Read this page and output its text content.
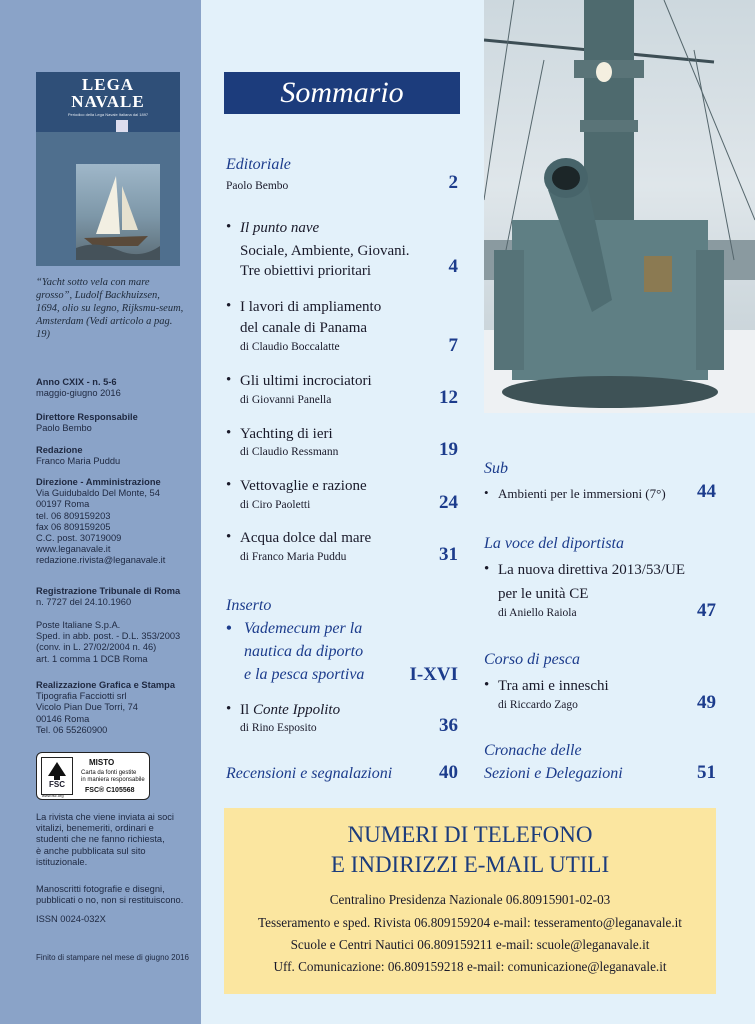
LEGA
NAVALE
Periodico della Lega Navale Italiana dal 1897
“Yacht sotto vela con mare grosso”, Ludolf Backhuizsen, 1694, olio su legno, Rijksmu-seum, Amsterdam (Vedi articolo a pag. 19)
Anno CXIX - n. 5-6
maggio-giugno 2016
Direttore Responsabile
Paolo Bembo
Redazione
Franco Maria Puddu
Direzione - Amministrazione
Via Guidubaldo Del Monte, 54
00197 Roma
tel. 06 809159203
fax 06 809159205
C.C. post. 30719009
www.leganavale.it
redazione.rivista@leganavale.it
Registrazione Tribunale di Roma
n. 7727 del 24.10.1960
Poste Italiane S.p.A.
Sped. in abb. post. - D.L. 353/2003
(conv. in L. 27/02/2004 n. 46)
art. 1 comma 1 DCB Roma
Realizzazione Grafica e Stampa
Tipografia Facciotti srl
Vicolo Pian Due Torri, 74
00146 Roma
Tel. 06 55260900
FSC
MISTO
Carta da fonti gestite
in maniera responsabile
FSC® C105568
www.fsc.org
La rivista che viene inviata ai soci
vitalizi, benemeriti, ordinari e
studenti che ne fanno richiesta,
è anche pubblicata sul sito
istituzionale.
Manoscritti fotografie e disegni,
pubblicati o no, non si restituiscono.
ISSN 0024-032X
Finito di stampare nel mese di giugno 2016
Sommario
Editoriale
Paolo Bembo	2
• Il punto nave
Sociale, Ambiente, Giovani.
Tre obiettivi prioritari	4
• I lavori di ampliamento
del canale di Panama
di Claudio Boccalatte	7
• Gli ultimi incrociatori
di Giovanni Panella	12
• Yachting di ieri
di Claudio Ressmann	19
• Vettovaglie e razione
di Ciro Paoletti	24
• Acqua dolce dal mare
di Franco Maria Puddu	31
Inserto
• Vademecum per la
nautica da diporto
e la pesca sportiva	I-XVI
• Il Conte Ippolito
di Rino Esposito	36
Recensioni e segnalazioni	40
Sub
• Ambienti per le immersioni (7°)	44
La voce del diportista
• La nuova direttiva 2013/53/UE
per le unità CE
di Aniello Raiola	47
Corso di pesca
• Tra ami e inneschi
di Riccardo Zago	49
Cronache delle
Sezioni e Delegazioni	51
NUMERI DI TELEFONO
E INDIRIZZI E-MAIL UTILI
Centralino Presidenza Nazionale 06.80915901-02-03
Tesseramento e sped. Rivista 06.809159204 e-mail: tesseramento@leganavale.it
Scuole e Centri Nautici 06.809159211 e-mail: scuole@leganavale.it
Uff. Comunicazione: 06.809159218 e-mail: comunicazione@leganavale.it
